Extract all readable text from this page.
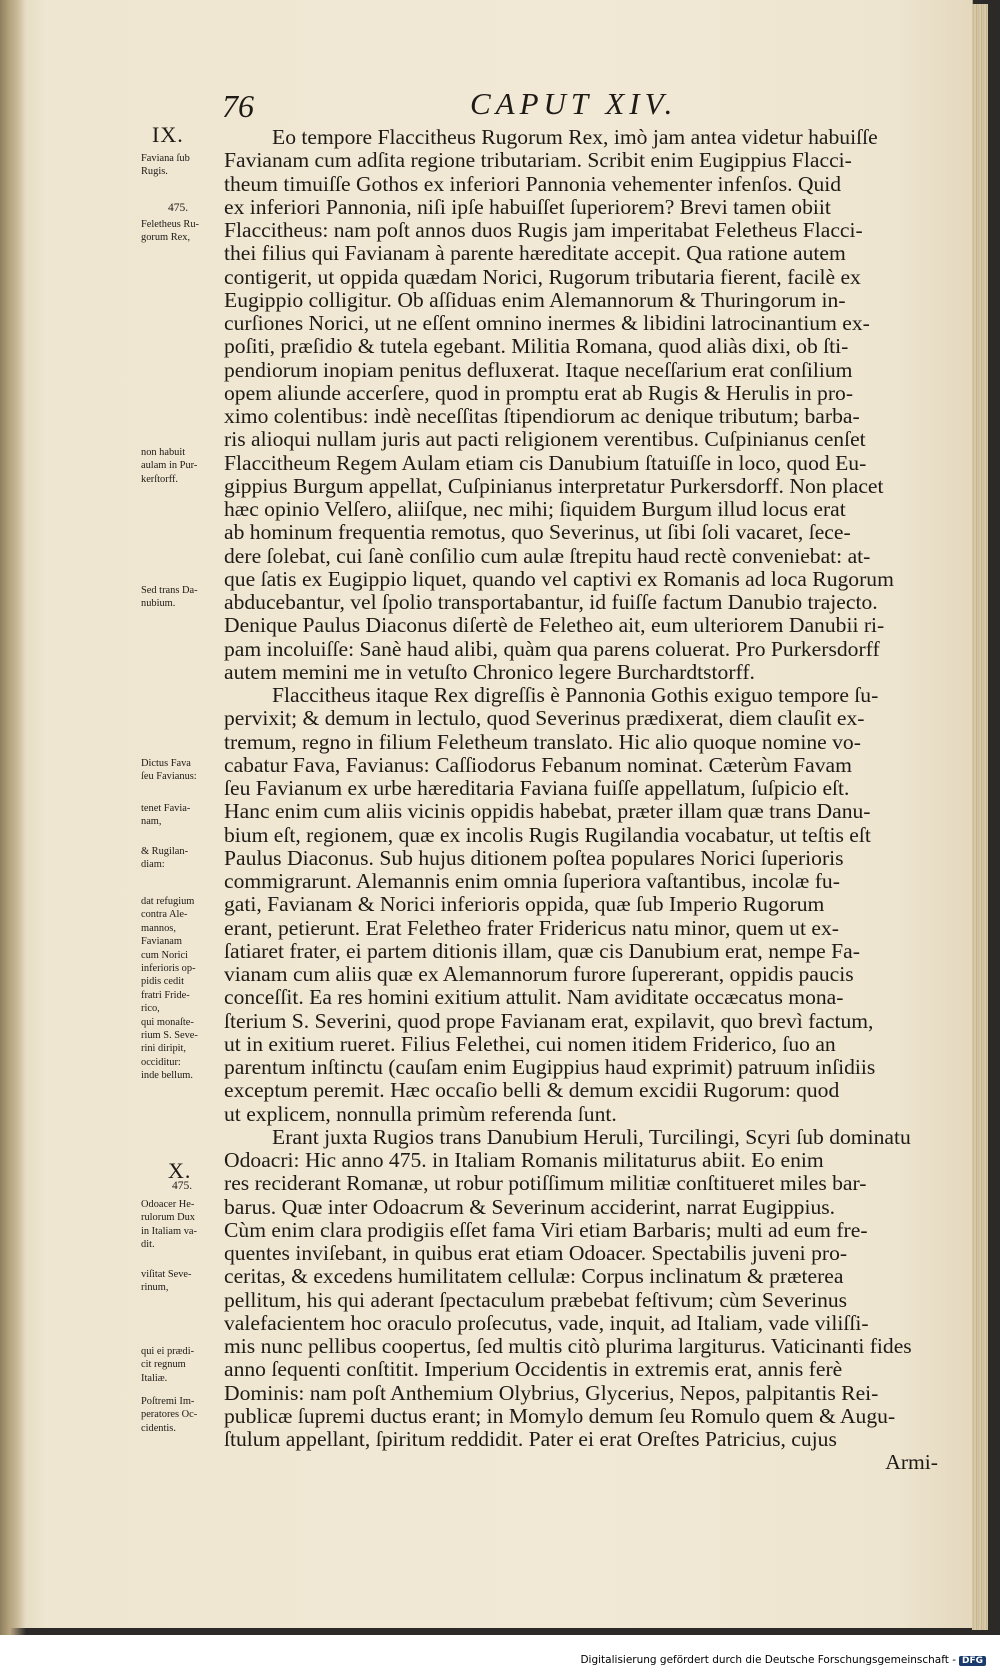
76	CAPUT XIV.
IX.
Faviana ſub
Rugis.
475.
Feletheus Ru-
gorum Rex,
non habuit
aulam in Pur-
kerſtorff.
Sed trans Da-
nubium.
Dictus Fava
ſeu Favianus:
tenet Favia-
nam,
& Rugilan-
diam:
dat refugium
contra Ale-
mannos,
Favianam
cum Norici
inferioris op-
pidis cedit
fratri Fride-
rico,
qui monaſte-
rium S. Seve-
rini diripit,
occiditur:
inde bellum.
X.
475.
Odoacer He-
rulorum Dux
in Italiam va-
dit.
viſitat Seve-
rinum,
qui ei prædi-
cit regnum
Italiæ.
Poſtremi Im-
peratores Oc-
cidentis.
Eo tempore Flaccitheus Rugorum Rex, imò jam antea videtur habuiſſe
Favianam cum adſita regione tributariam. Scribit enim Eugippius Flacci-
theum timuiſſe Gothos ex inferiori Pannonia vehementer infenſos. Quid
ex inferiori Pannonia, niſi ipſe habuiſſet ſuperiorem? Brevi tamen obiit
Flaccitheus: nam poſt annos duos Rugis jam imperitabat Feletheus Flacci-
thei filius qui Favianam à parente hæreditate accepit. Qua ratione autem
contigerit, ut oppida quædam Norici, Rugorum tributaria fierent, facilè ex
Eugippio colligitur. Ob aſſiduas enim Alemannorum & Thuringorum in-
curſiones Norici, ut ne eſſent omnino inermes & libidini latrocinantium ex-
poſiti, præſidio & tutela egebant. Militia Romana, quod aliàs dixi, ob ſti-
pendiorum inopiam penitus defluxerat. Itaque neceſſarium erat conſilium
opem aliunde accerſere, quod in promptu erat ab Rugis & Herulis in pro-
ximo colentibus: indè neceſſitas ſtipendiorum ac denique tributum; barba-
ris alioqui nullam juris aut pacti religionem verentibus. Cuſpinianus cenſet
Flaccitheum Regem Aulam etiam cis Danubium ſtatuiſſe in loco, quod Eu-
gippius Burgum appellat, Cuſpinianus interpretatur Purkersdorff. Non placet
hæc opinio Velſero, aliiſque, nec mihi; ſiquidem Burgum illud locus erat
ab hominum frequentia remotus, quo Severinus, ut ſibi ſoli vacaret, ſece-
dere ſolebat, cui ſanè conſilio cum aulæ ſtrepitu haud rectè conveniebat: at-
que ſatis ex Eugippio liquet, quando vel captivi ex Romanis ad loca Rugorum
abducebantur, vel ſpolio transportabantur, id fuiſſe factum Danubio trajecto.
Denique Paulus Diaconus diſertè de Feletheo ait, eum ulteriorem Danubii ri-
pam incoluiſſe: Sanè haud alibi, quàm qua parens coluerat. Pro Purkersdorff
autem memini me in vetuſto Chronico legere Burchardtstorff.
Flaccitheus itaque Rex digreſſis è Pannonia Gothis exiguo tempore ſu-
pervixit; & demum in lectulo, quod Severinus prædixerat, diem clauſit ex-
tremum, regno in filium Feletheum translato. Hic alio quoque nomine vo-
cabatur Fava, Favianus: Caſſiodorus Febanum nominat. Cæterùm Favam
ſeu Favianum ex urbe hæreditaria Faviana fuiſſe appellatum, ſuſpicio eſt.
Hanc enim cum aliis vicinis oppidis habebat, præter illam quæ trans Danu-
bium eſt, regionem, quæ ex incolis Rugis Rugilandia vocabatur, ut teſtis eſt
Paulus Diaconus. Sub hujus ditionem poſtea populares Norici ſuperioris
commigrarunt. Alemannis enim omnia ſuperiora vaſtantibus, incolæ fu-
gati, Favianam & Norici inferioris oppida, quæ ſub Imperio Rugorum
erant, petierunt. Erat Feletheo frater Fridericus natu minor, quem ut ex-
ſatiaret frater, ei partem ditionis illam, quæ cis Danubium erat, nempe Fa-
vianam cum aliis quæ ex Alemannorum furore ſupererant, oppidis paucis
conceſſit. Ea res homini exitium attulit. Nam aviditate occæcatus mona-
ſterium S. Severini, quod prope Favianam erat, expilavit, quo brevì factum,
ut in exitium rueret. Filius Felethei, cui nomen itidem Friderico, ſuo an
parentum inſtinctu (cauſam enim Eugippius haud exprimit) patruum inſidiis
exceptum peremit. Hæc occaſio belli & demum excidii Rugorum: quod
ut explicem, nonnulla primùm referenda ſunt.
Erant juxta Rugios trans Danubium Heruli, Turcilingi, Scyri ſub dominatu
Odoacri: Hic anno 475. in Italiam Romanis militaturus abiit. Eo enim
res reciderant Romanæ, ut robur potiſſimum militiæ conſtitueret miles bar-
barus. Quæ inter Odoacrum & Severinum acciderint, narrat Eugippius.
Cùm enim clara prodigiis eſſet fama Viri etiam Barbaris; multi ad eum fre-
quentes inviſebant, in quibus erat etiam Odoacer. Spectabilis juveni pro-
ceritas, & excedens humilitatem cellulæ: Corpus inclinatum & præterea
pellitum, his qui aderant ſpectaculum præbebat feſtivum; cùm Severinus
valefacientem hoc oraculo proſecutus, vade, inquit, ad Italiam, vade viliſſi-
mis nunc pellibus coopertus, ſed multis citò plurima largiturus. Vaticinanti fides
anno ſequenti conſtitit. Imperium Occidentis in extremis erat, annis ferè
Dominis: nam poſt Anthemium Olybrius, Glycerius, Nepos, palpitantis Rei-
publicæ ſupremi ductus erant; in Momylo demum ſeu Romulo quem & Augu-
ſtulum appellant, ſpiritum reddidit. Pater ei erat Oreſtes Patricius, cujus
Armi-
Digitalisierung gefördert durch die Deutsche Forschungsgemeinschaft - DFG
